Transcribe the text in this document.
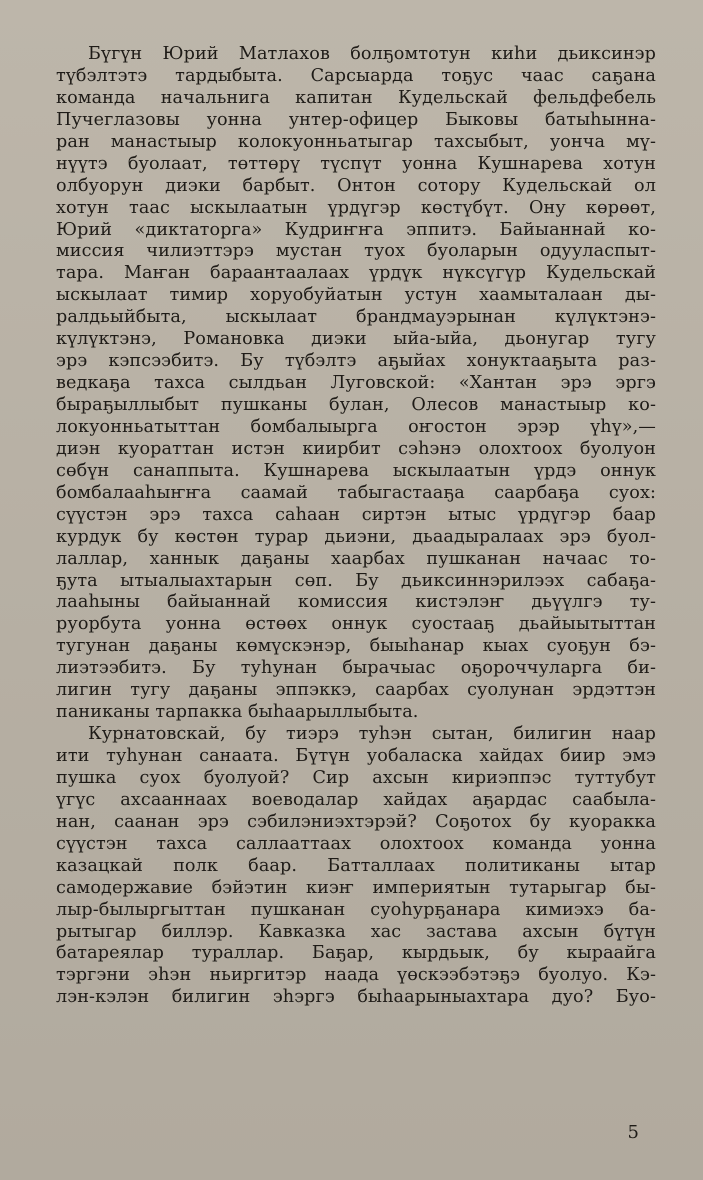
Бүгүн Юрий Матлахов болҕомтотун киһи дьиксинэр
түбэлтэтэ тардыбыта. Сарсыарда тоҕус чаас саҕана
команда начальнига капитан Кудельскай фельдфебель
Пучеглазовы уонна унтер-офицер Быковы батыһынна-
ран манастыыр колокуонньатыгар тахсыбыт, уонча мү-
нүүтэ буолаат, төттөрү түспүт уонна Кушнарева хотун
олбуорун диэки барбыт. Онтон сотору Кудельскай ол
хотун таас ыскылаатын үрдүгэр көстүбүт. Ону көрөөт,
Юрий «диктаторга» Кудриҥҥа эппитэ. Байыаннай ко-
миссия чилиэттэрэ мустан туох буоларын одууласпыт-
тара. Маҥан бараантаалаах үрдүк нүксүгүр Кудельскай
ыскылаат тимир хоруобуйатын устун хаамыталаан ды-
ралдьыйбыта, ыскылаат брандмауэрынан күлүктэнэ-
күлүктэнэ, Романовка диэки ыйа-ыйа, дьонугар тугу
эрэ кэпсээбитэ. Бу түбэлтэ аҕыйах хонуктааҕыта раз-
ведкаҕа тахса сылдьан Луговской: «Хантан эрэ эргэ
быраҕыллыбыт пушканы булан, Олесов манастыыр ко-
локуонньатыттан бомбалыырга оҥостон эрэр үһү»,—
диэн куораттан истэн киирбит сэһэнэ олохтоох буолуон
сөбүн санаппыта. Кушнарева ыскылаатын үрдэ оннук
бомбалааһыҥҥа саамай табыгастааҕа саарбаҕа суох:
сүүстэн эрэ тахса саһаан сиртэн ытыс үрдүгэр баар
курдук бу көстөн турар дьиэни, дьаадыралаах эрэ буол-
лаллар, ханнык даҕаны хаарбах пушканан начаас то-
ҕута ытыалыахтарын сөп. Бу дьиксиннэрилээх сабаҕа-
лааһыны байыаннай комиссия кистэлэҥ дьүүлгэ ту-
руорбута уонна өстөөх оннук суостааҕ дьайыытыттан
тугунан даҕаны көмүскэнэр, быыһанар кыах суоҕун бэ-
лиэтээбитэ. Бу туһунан бырачыас оҕороччуларга би-
лигин тугу даҕаны эппэккэ, саарбах суолунан эрдэттэн
паниканы тарпакка быһаарыллыбыта.
Курнатовскай, бу тиэрэ туһэн сытан, билигин наар
ити туһунан санаата. Бүтүн уобаласка хайдах биир эмэ
пушка суох буолуой? Сир ахсын кириэппэс туттубут
үгүс ахсааннаах воеводалар хайдах аҕардас саабыла-
нан, саанан эрэ сэбилэниэхтэрэй? Соҕотох бу куоракка
сүүстэн тахса саллааттаах олохтоох команда уонна
казацкай полк баар. Батталлаах политиканы ытар
самодержавие бэйэтин киэҥ империятын тутарыгар бы-
лыр-былыргыттан пушканан суоһурҕанара кимиэхэ ба-
рытыгар биллэр. Кавказка хас застава ахсын бүтүн
батареялар тураллар. Баҕар, кырдьык, бу кыраайга
тэргэни эһэн ньиргитэр наада үөскээбэтэҕэ буолуо. Кэ-
лэн-кэлэн билигин эһэргэ быһаарыныахтара дуо? Буо-
5
